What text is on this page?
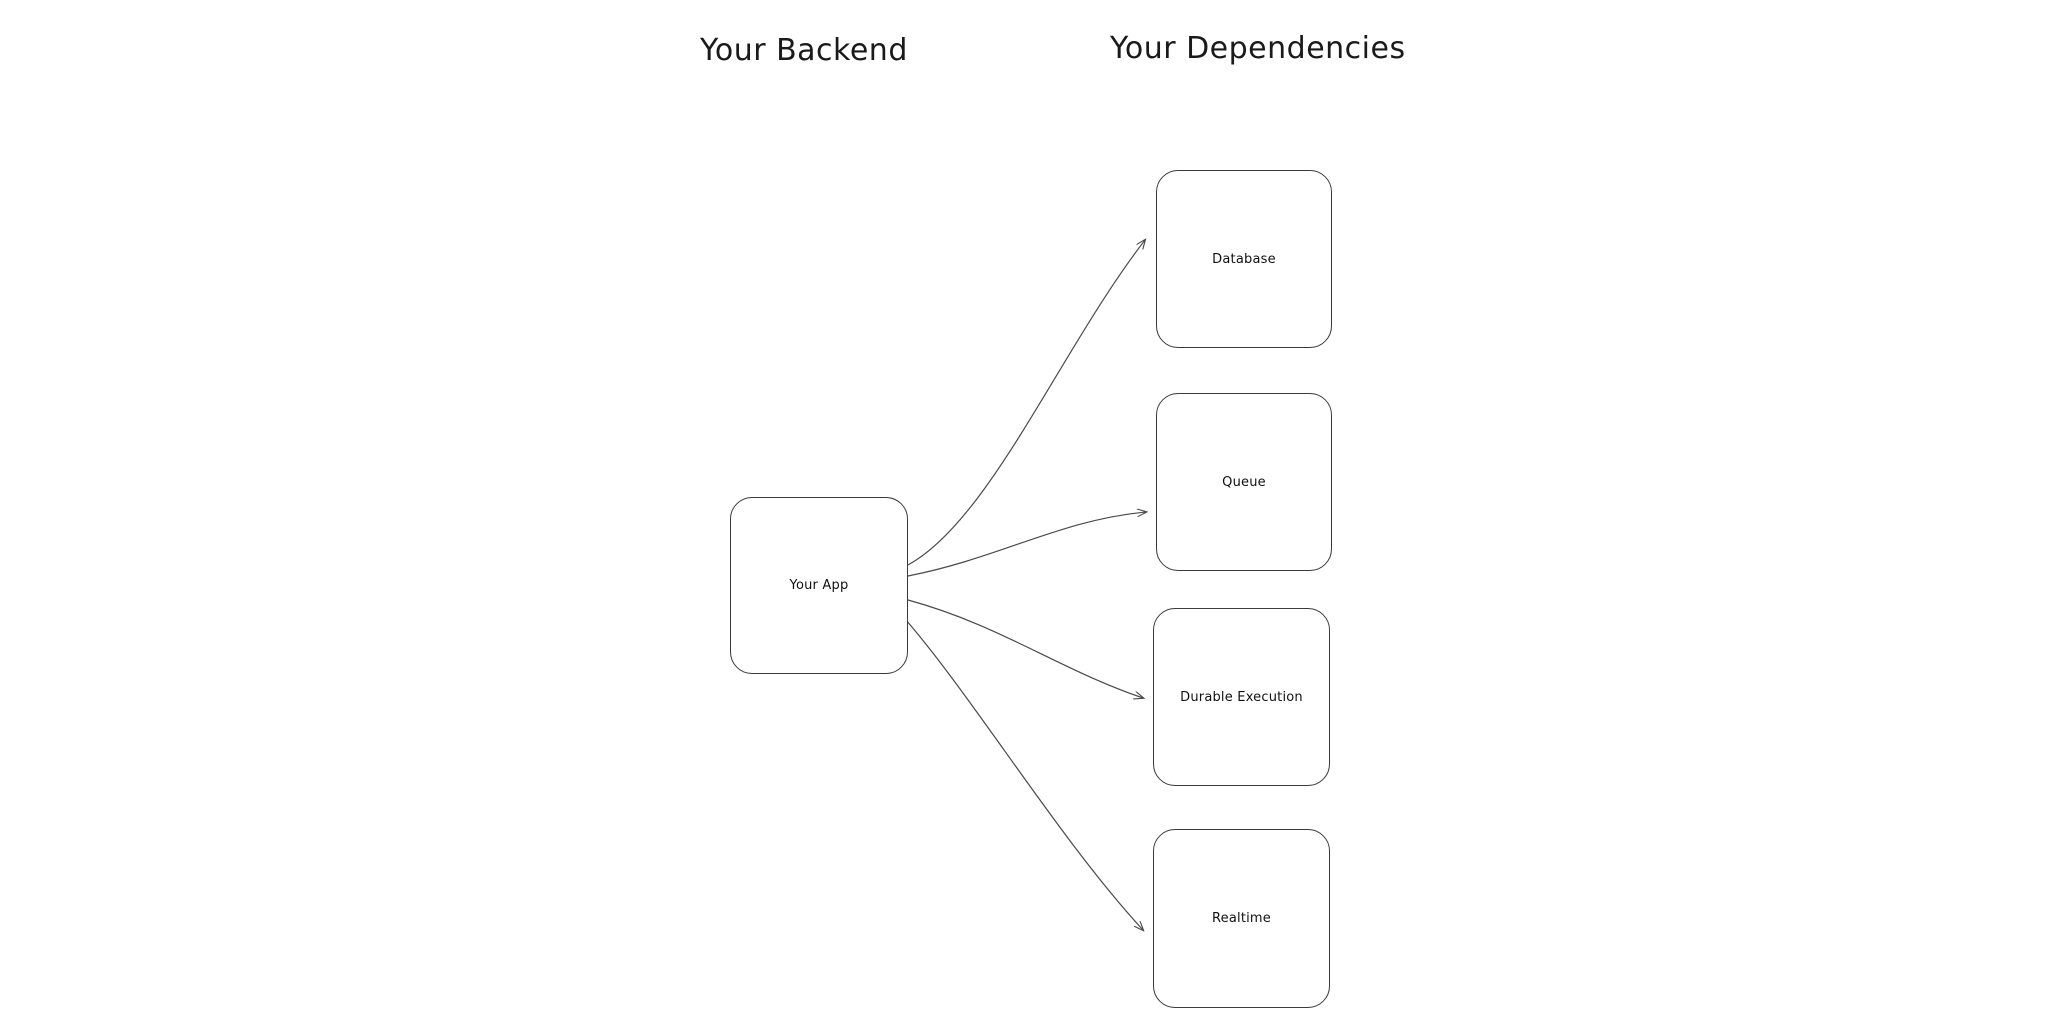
Your Backend	Your Dependencies
Your App
Database
Queue
Durable Execution
Realtime
